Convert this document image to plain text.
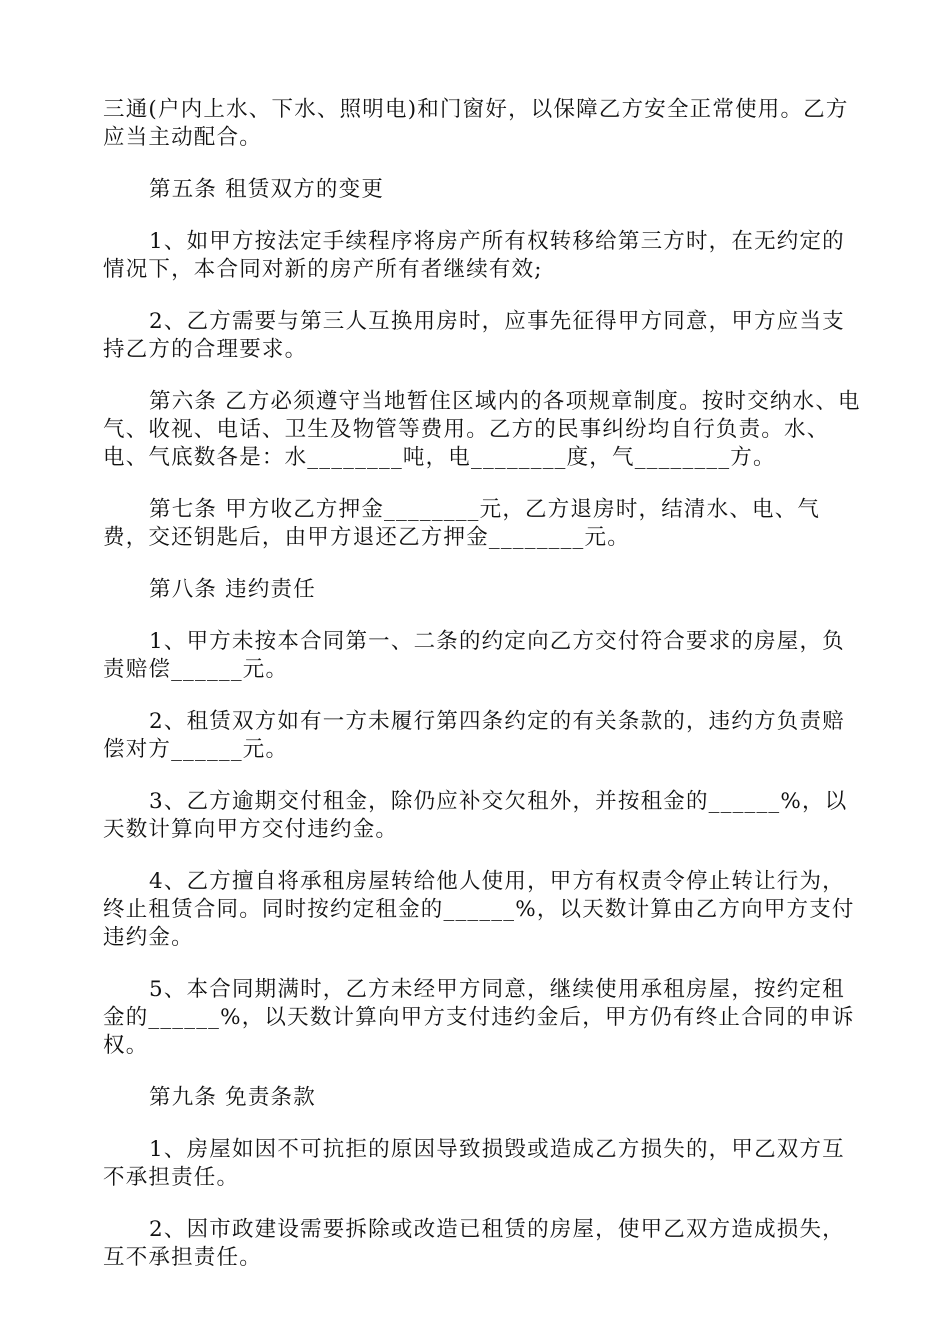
三通(户内上水、下水、照明电)和门窗好，以保障乙方安全正常使用。乙方应当主动配合。

第五条 租赁双方的变更

1、如甲方按法定手续程序将房产所有权转移给第三方时，在无约定的情况下，本合同对新的房产所有者继续有效;

2、乙方需要与第三人互换用房时，应事先征得甲方同意，甲方应当支持乙方的合理要求。

第六条 乙方必须遵守当地暂住区域内的各项规章制度。按时交纳水、电气、收视、电话、卫生及物管等费用。乙方的民事纠纷均自行负责。水、电、气底数各是：水________吨，电________度，气________方。

第七条 甲方收乙方押金________元，乙方退房时，结清水、电、气费，交还钥匙后，由甲方退还乙方押金________元。

第八条 违约责任

1、甲方未按本合同第一、二条的约定向乙方交付符合要求的房屋，负责赔偿______元。

2、租赁双方如有一方未履行第四条约定的有关条款的，违约方负责赔偿对方______元。

3、乙方逾期交付租金，除仍应补交欠租外，并按租金的______%，以天数计算向甲方交付违约金。

4、乙方擅自将承租房屋转给他人使用，甲方有权责令停止转让行为，终止租赁合同。同时按约定租金的______%，以天数计算由乙方向甲方支付违约金。

5、本合同期满时，乙方未经甲方同意，继续使用承租房屋，按约定租金的______%，以天数计算向甲方支付违约金后，甲方仍有终止合同的申诉权。

第九条 免责条款

1、房屋如因不可抗拒的原因导致损毁或造成乙方损失的，甲乙双方互不承担责任。

2、因市政建设需要拆除或改造已租赁的房屋，使甲乙双方造成损失，互不承担责任。
